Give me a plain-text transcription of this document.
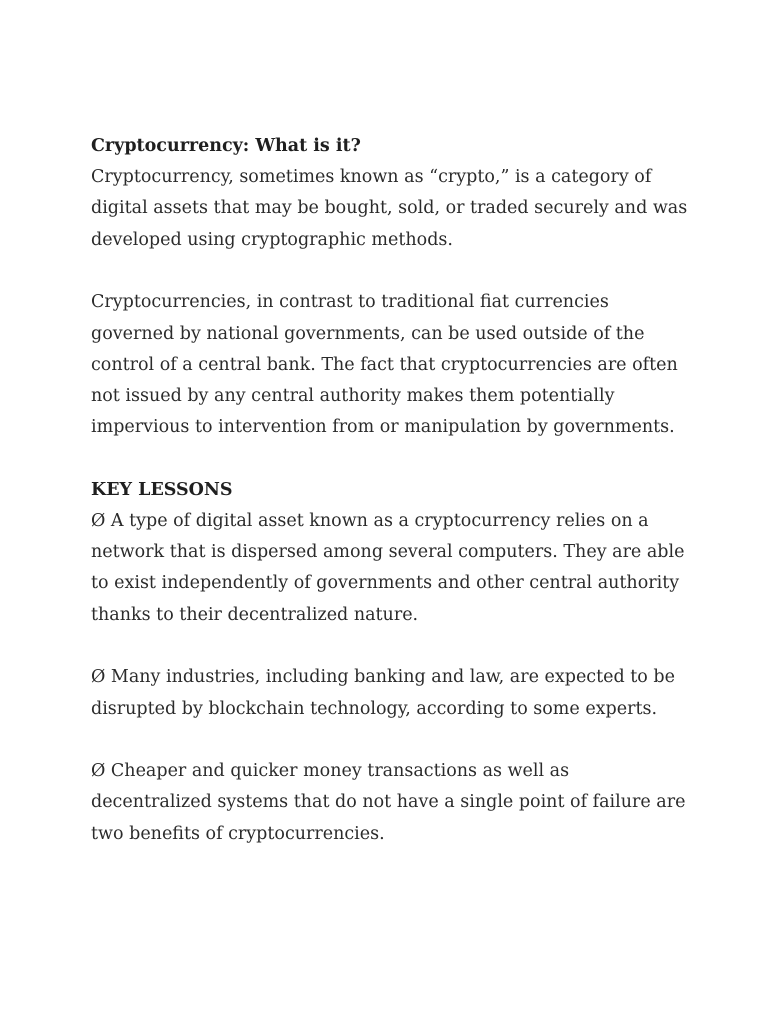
Cryptocurrency: What is it?

Cryptocurrency, sometimes known as “crypto,” is a category of digital assets that may be bought, sold, or traded securely and was developed using cryptographic methods.

Cryptocurrencies, in contrast to traditional fiat currencies governed by national governments, can be used outside of the control of a central bank. The fact that cryptocurrencies are often not issued by any central authority makes them potentially impervious to intervention from or manipulation by governments.

KEY LESSONS

Ø A type of digital asset known as a cryptocurrency relies on a network that is dispersed among several computers. They are able to exist independently of governments and other central authority thanks to their decentralized nature.

Ø Many industries, including banking and law, are expected to be disrupted by blockchain technology, according to some experts.

Ø Cheaper and quicker money transactions as well as decentralized systems that do not have a single point of failure are two benefits of cryptocurrencies.
